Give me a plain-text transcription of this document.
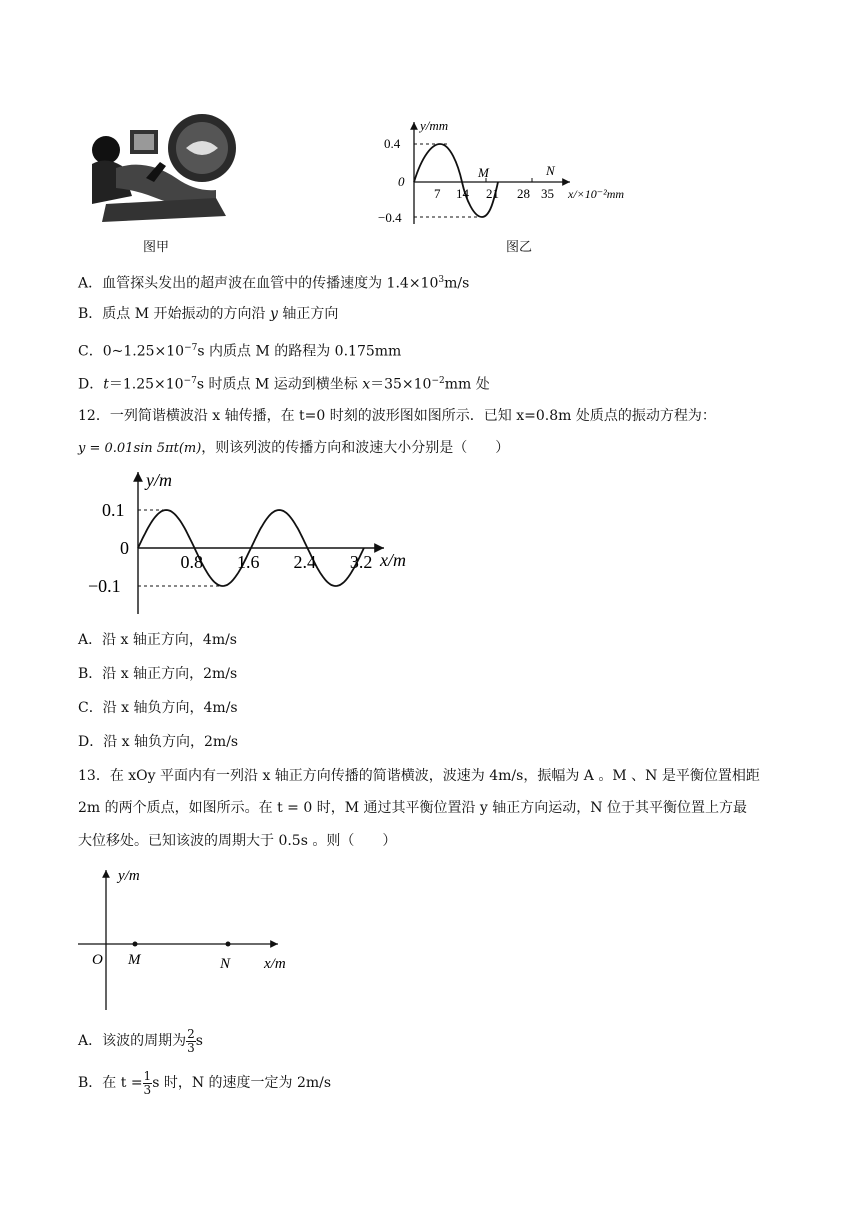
图甲
y/mm
0.4
0
−0.4
7 14 21 28 35 x/×10⁻²mm
M	N
图乙
A．血管探头发出的超声波在血管中的传播速度为 $1.4\times 10^3m/s$
B．质点 M 开始振动的方向沿 y 轴正方向
C．$0\sim 1.25\times 10^{-7}s$ 内质点 M 的路程为 0.175mm
D．$t=1.25\times 10^{-7}s$ 时质点 M 运动到横坐标 $x=35\times 10^{-2}mm$ 处
12．一列简谐横波沿 x 轴传播，在 t=0 时刻的波形图如图所示．已知 x=0.8m 处质点的振动方程为：
y = 0.01sin 5πt(m)，则该列波的传播方向和波速大小分别是（　　）
0.8 1.6 2.4 3.2
y/m
0.1
0
−0.1
x/m
A．沿 x 轴正方向，4m/s
B．沿 x 轴正方向，2m/s
C．沿 x 轴负方向，4m/s
D．沿 x 轴负方向，2m/s
13．在 xOy 平面内有一列沿 x 轴正方向传播的简谐横波，波速为 4m/s，振幅为 A 。M 、N 是平衡位置相距
2m 的两个质点，如图所示。在 t = 0 时，M 通过其平衡位置沿 y 轴正方向运动，N 位于其平衡位置上方最
大位移处。已知该波的周期大于 0.5s 。则（　　）
y/m
O M	N x/m
A．该波的周期为 $\frac{2}{3}$ s
B．在 $t = \frac{1}{3}$ s 时，N 的速度一定为 2m/s
